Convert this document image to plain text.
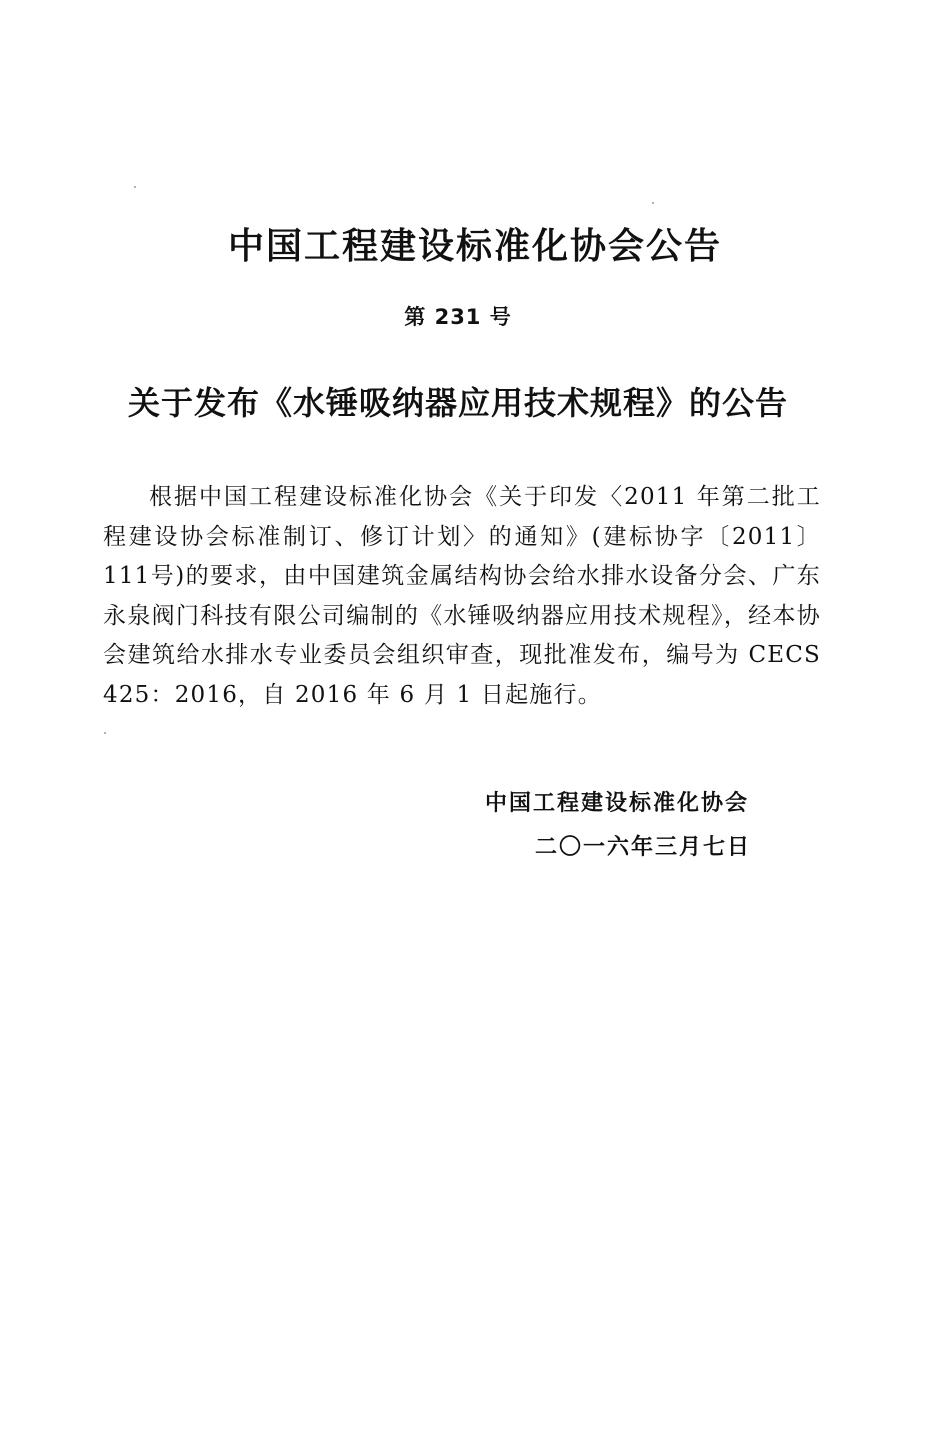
中国工程建设标准化协会公告
第 231 号
关于发布《水锤吸纳器应用技术规程》的公告

根据中国工程建设标准化协会《关于印发〈2011 年第二批工程建设协会标准制订、修订计划〉的通知》(建标协字〔2011〕111号)的要求，由中国建筑金属结构协会给水排水设备分会、广东永泉阀门科技有限公司编制的《水锤吸纳器应用技术规程》，经本协会建筑给水排水专业委员会组织审查，现批准发布，编号为 CECS 425：2016，自 2016 年 6 月 1 日起施行。

中国工程建设标准化协会
二〇一六年三月七日
